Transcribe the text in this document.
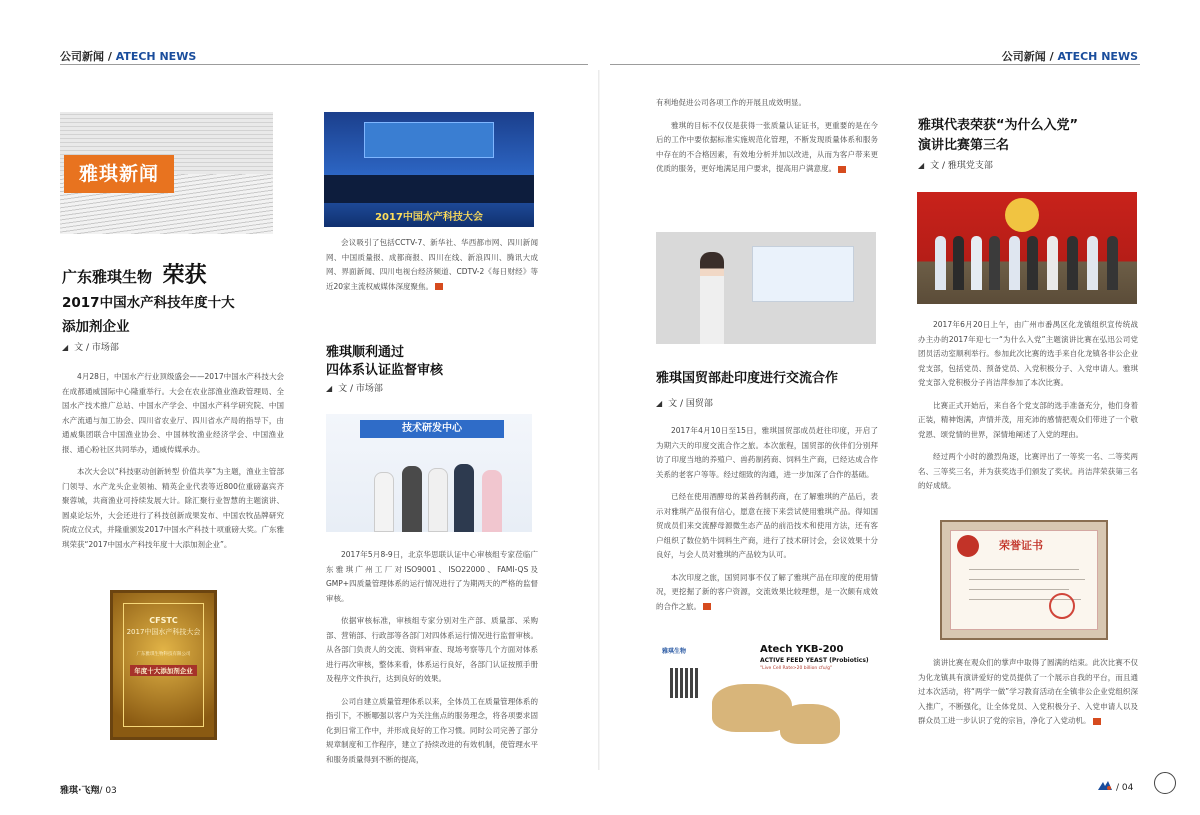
公司新闻 / ATECH NEWS	公司新闻 / ATECH NEWS
雅琪新闻
广东雅琪生物 荣获
2017中国水产科技年度十大
添加剂企业
◢ 文 / 市场部

4月28日，中国水产行业顶级盛会——2017中国水产科技大会在成都通威国际中心隆重举行。大会在农业部渔业渔政管理局、全国水产技术推广总站、中国水产学会、中国水产科学研究院、中国水产流通与加工协会、四川省农业厅、四川省水产局的指导下，由通威集团联合中国渔业协会、中国林牧渔业经济学会、中国渔业报、通心粉社区共同举办，通威传媒承办。

本次大会以“科技驱动创新转型 价值共享”为主题，渔业主管部门领导、水产龙头企业领袖、精英企业代表等近800位重磅嘉宾齐聚蓉城，共商渔业可持续发展大计。除汇聚行业智慧的主题演讲、圆桌论坛外，大会还进行了科技创新成果发布、中国农牧品牌研究院成立仪式，并隆重颁发2017中国水产科技十项重磅大奖。广东雅琪荣获“2017中国水产科技年度十大添加剂企业”。

CFSTC
2017中国水产科技大会
广东雅琪生物科技有限公司
年度十大添加剂企业
2017中国水产科技大会

会议吸引了包括CCTV-7、新华社、华西都市网、四川新闻网、中国质量报、成都商报、四川在线、新浪四川、腾讯大成网、界面新闻、四川电视台经济频道、CDTV-2《每日财经》等近20家主流权威媒体深度聚焦。

雅琪顺利通过
四体系认证监督审核
◢ 文 / 市场部
技术研发中心

2017年5月8-9日，北京华思联认证中心审核组专家莅临广东雅琪广州工厂对ISO9001、ISO22000、FAMI-QS及GMP+四质量管理体系的运行情况进行了为期两天的严格的监督审核。

依据审核标准，审核组专家分别对生产部、质量部、采购部、营销部、行政部等各部门对四体系运行情况进行监督审核。从各部门负责人的交流、资料审查、现场考察等几个方面对体系进行再次审核，整体来看，体系运行良好，各部门认证按照手册及程序文件执行，达到良好的效果。

公司自建立质量管理体系以来，全体员工在质量管理体系的指引下，不断哪强以客户为关注焦点的服务理念，将各项要求固化到日常工作中，并形成良好的工作习惯。同时公司完善了部分规章制度和工作程序，建立了持续改进的有效机制，使管理水平和服务质量得到不断的提高，

有利地促进公司各项工作的开展且成效明显。

雅琪的目标不仅仅是获得一张质量认证证书，更重要的是在今后的工作中要依据标准实施规范化管理，不断发现质量体系和服务中存在的不合格因素，有效地分析并加以改进，从而为客户带来更优质的服务，更好地满足用户要求，提高用户满意度。

雅琪国贸部赴印度进行交流合作
◢ 文 / 国贸部

2017年4月10日至15日，雅琪国贸部成员赶往印度，开启了为期六天的印度交流合作之旅。本次旅程，国贸部的伙伴们分别拜访了印度当地的养殖户、兽药制药商、饲料生产商，已经达成合作关系的老客户等等。经过细致的沟通，进一步加深了合作的基础。

已经在使用酒酵母的某兽药制药商，在了解雅琪的产品后，表示对雅琪产品很有信心，愿意在接下来尝试使用雅琪产品。得知国贸成员们来交流酵母源微生态产品的前沿技术和使用方法，还有客户组织了数位奶牛饲料生产商，进行了技术研讨会，会议效果十分良好，与会人员对雅琪的产品较为认可。

本次印度之旅，国贸同事不仅了解了雅琪产品在印度的使用情况，更挖掘了新的客户资源，交流效果比较理想，是一次颇有成效的合作之旅。

雅琪生物	Atech YKB-200
ACTIVE FEED YEAST (Probiotics)
"Live Cell Rate>20 billion cfu/g"
雅琪代表荣获“为什么入党”
演讲比赛第三名
◢ 文 / 雅琪党支部

2017年6月20日上午，由广州市番禺区化龙镇组织宣传统战办主办的2017年迎七一“为什么入党”主题演讲比赛在弘迅公司党团员活动室顺利举行。参加此次比赛的选手来自化龙镇各非公企业党支部，包括党员、预备党员、入党积极分子、入党申请人。雅琪党支部入党积极分子肖洁萍参加了本次比赛。

比赛正式开始后，来自各个党支部的选手准备充分，他们身着正装，精神饱满，声情并茂，用充沛的感情把观众们带进了一个敬党恩、颂党情的世界，深情地阐述了入党的理由。

经过两个小时的激烈角逐，比赛评出了一等奖一名、二等奖两名、三等奖三名，并为获奖选手们颁发了奖状。肖洁萍荣获第三名的好成绩。

荣誉证书

演讲比赛在观众们的掌声中取得了圆满的结束。此次比赛不仅为化龙镇具有演讲爱好的党员提供了一个展示自我的平台，而且通过本次活动，将“两学一做”学习教育活动在全镇非公企业党组织深入推广，不断强化，让全体党员、入党积极分子、入党申请人以及群众员工进一步认识了党的宗旨，净化了入党动机。

雅琪·飞翔/ 03	/ 04
